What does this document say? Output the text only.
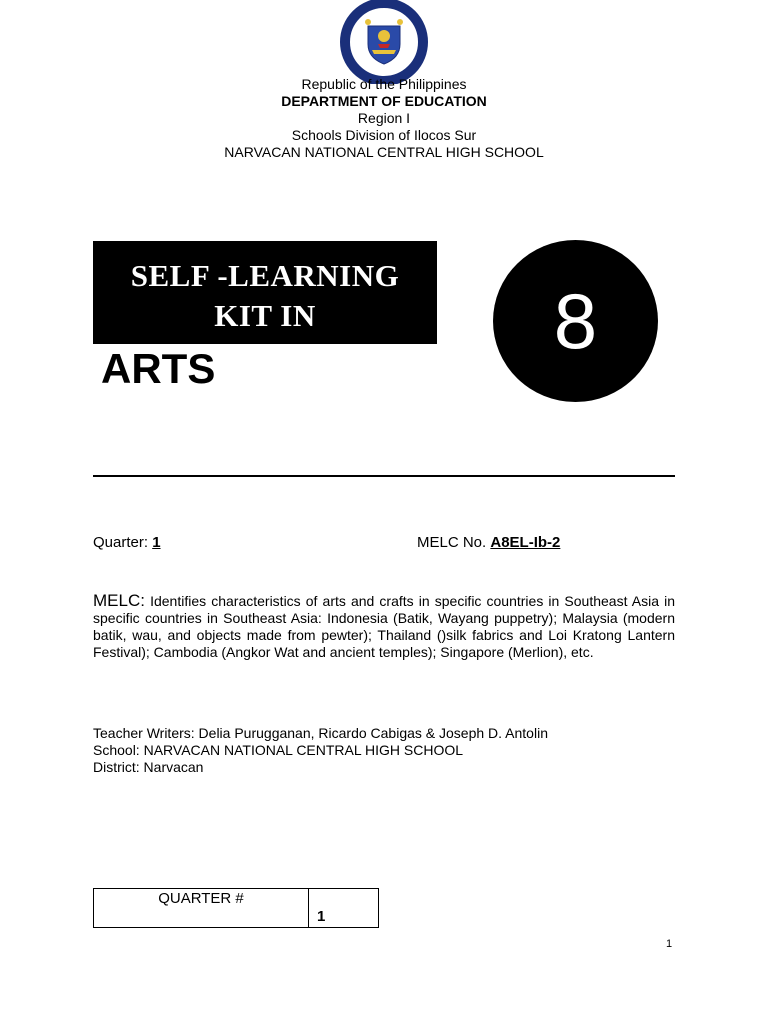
Republic of the Philippines
DEPARTMENT OF EDUCATION
Region I
Schools Division of Ilocos Sur
NARVACAN NATIONAL CENTRAL HIGH SCHOOL
SELF -LEARNING
KIT IN
ARTS
8
Quarter: 1	MELC No. A8EL-Ib-2
MELC: Identifies characteristics of arts and crafts in specific countries in Southeast Asia in specific countries in Southeast Asia: Indonesia (Batik, Wayang puppetry); Malaysia (modern batik, wau, and objects made from pewter); Thailand ()silk fabrics and Loi Kratong Lantern Festival); Cambodia (Angkor Wat and ancient temples); Singapore (Merlion), etc.
Teacher Writers: Delia Purugganan, Ricardo Cabigas & Joseph D. Antolin
School: NARVACAN NATIONAL CENTRAL HIGH SCHOOL
District: Narvacan
QUARTER #
1
1
